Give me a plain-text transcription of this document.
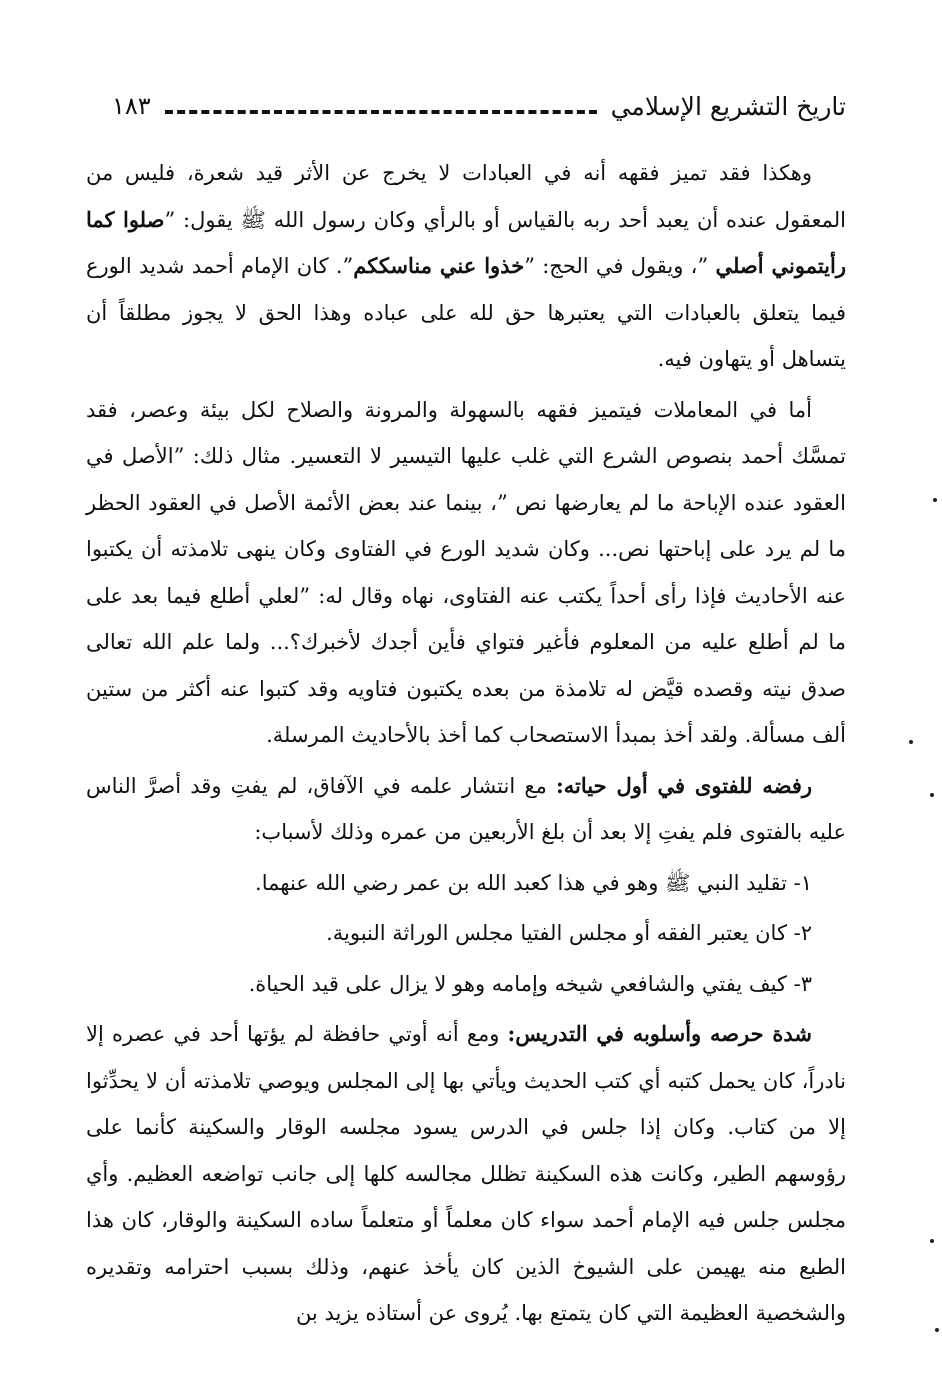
تاريخ التشريع الإسلامي
١٨٣

وهكذا فقد تميز فقهه أنه في العبادات لا يخرج عن الأثر قيد شعرة، فليس من المعقول عنده أن يعبد أحد ربه بالقياس أو بالرأي وكان رسول الله ﷺ يقول: ”صلوا كما رأيتموني أصلي ”، ويقول في الحج: ”خذوا عني مناسككم”. كان الإمام أحمد شديد الورع فيما يتعلق بالعبادات التي يعتبرها حق لله على عباده وهذا الحق لا يجوز مطلقاً أن يتساهل أو يتهاون فيه.

أما في المعاملات فيتميز فقهه بالسهولة والمرونة والصلاح لكل بيئة وعصر، فقد تمسَّك أحمد بنصوص الشرع التي غلب عليها التيسير لا التعسير. مثال ذلك: ”الأصل في العقود عنده الإباحة ما لم يعارضها نص ”، بينما عند بعض الأئمة الأصل في العقود الحظر ما لم يرد على إباحتها نص... وكان شديد الورع في الفتاوى وكان ينهى تلامذته أن يكتبوا عنه الأحاديث فإذا رأى أحداً يكتب عنه الفتاوى، نهاه وقال له: ”لعلي أطلع فيما بعد على ما لم أطلع عليه من المعلوم فأغير فتواي فأين أجدك لأخبرك؟... ولما علم الله تعالى صدق نيته وقصده قيَّض له تلامذة من بعده يكتبون فتاويه وقد كتبوا عنه أكثر من ستين ألف مسألة. ولقد أخذ بمبدأ الاستصحاب كما أخذ بالأحاديث المرسلة.

رفضه للفتوى في أول حياته: مع انتشار علمه في الآفاق، لم يفتِ وقد أصرَّ الناس عليه بالفتوى فلم يفتِ إلا بعد أن بلغ الأربعين من عمره وذلك لأسباب:

١- تقليد النبي ﷺ وهو في هذا كعبد الله بن عمر رضي الله عنهما.

٢- كان يعتبر الفقه أو مجلس الفتيا مجلس الوراثة النبوية.

٣- كيف يفتي والشافعي شيخه وإمامه وهو لا يزال على قيد الحياة.

شدة حرصه وأسلوبه في التدريس: ومع أنه أوتي حافظة لم يؤتها أحد في عصره إلا نادراً، كان يحمل كتبه أي كتب الحديث ويأتي بها إلى المجلس ويوصي تلامذته أن لا يحدِّثوا إلا من كتاب. وكان إذا جلس في الدرس يسود مجلسه الوقار والسكينة كأنما على رؤوسهم الطير، وكانت هذه السكينة تظلل مجالسه كلها إلى جانب تواضعه العظيم. وأي مجلس جلس فيه الإمام أحمد سواء كان معلماً أو متعلماً ساده السكينة والوقار، كان هذا الطبع منه يهيمن على الشيوخ الذين كان يأخذ عنهم، وذلك بسبب احترامه وتقديره والشخصية العظيمة التي كان يتمتع بها. يُروى عن أستاذه يزيد بن
